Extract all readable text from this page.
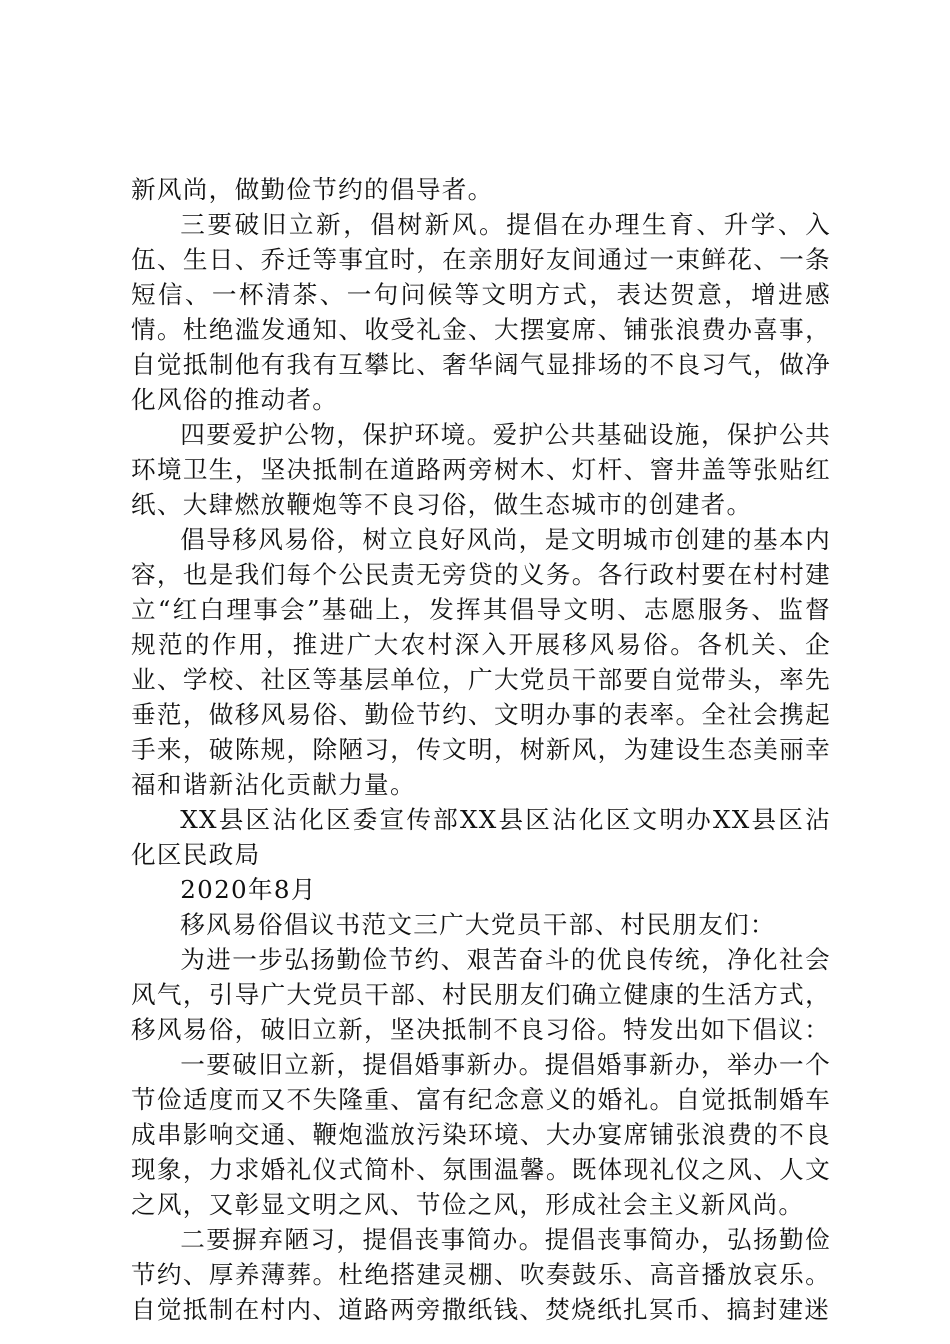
新风尚，做勤俭节约的倡导者。

三要破旧立新，倡树新风。提倡在办理生育、升学、入伍、生日、乔迁等事宜时，在亲朋好友间通过一束鲜花、一条短信、一杯清茶、一句问候等文明方式，表达贺意，增进感情。杜绝滥发通知、收受礼金、大摆宴席、铺张浪费办喜事，自觉抵制他有我有互攀比、奢华阔气显排场的不良习气，做净化风俗的推动者。

四要爱护公物，保护环境。爱护公共基础设施，保护公共环境卫生，坚决抵制在道路两旁树木、灯杆、窨井盖等张贴红纸、大肆燃放鞭炮等不良习俗，做生态城市的创建者。

倡导移风易俗，树立良好风尚，是文明城市创建的基本内容，也是我们每个公民责无旁贷的义务。各行政村要在村村建立“红白理事会”基础上，发挥其倡导文明、志愿服务、监督规范的作用，推进广大农村深入开展移风易俗。各机关、企业、学校、社区等基层单位，广大党员干部要自觉带头，率先垂范，做移风易俗、勤俭节约、文明办事的表率。全社会携起手来，破陈规，除陋习，传文明，树新风，为建设生态美丽幸福和谐新沾化贡献力量。

XX县区沾化区委宣传部XX县区沾化区文明办XX县区沾化区民政局

2020年8月

移风易俗倡议书范文三广大党员干部、村民朋友们：

为进一步弘扬勤俭节约、艰苦奋斗的优良传统，净化社会风气，引导广大党员干部、村民朋友们确立健康的生活方式，移风易俗，破旧立新，坚决抵制不良习俗。特发出如下倡议：

一要破旧立新，提倡婚事新办。提倡婚事新办，举办一个节俭适度而又不失隆重、富有纪念意义的婚礼。自觉抵制婚车成串影响交通、鞭炮滥放污染环境、大办宴席铺张浪费的不良现象，力求婚礼仪式简朴、氛围温馨。既体现礼仪之风、人文之风，又彰显文明之风、节俭之风，形成社会主义新风尚。

二要摒弃陋习，提倡丧事简办。提倡丧事简办，弘扬勤俭节约、厚养薄葬。杜绝搭建灵棚、吹奏鼓乐、高音播放哀乐。自觉抵制在村内、道路两旁撒纸钱、焚烧纸扎冥币、搞封建迷
